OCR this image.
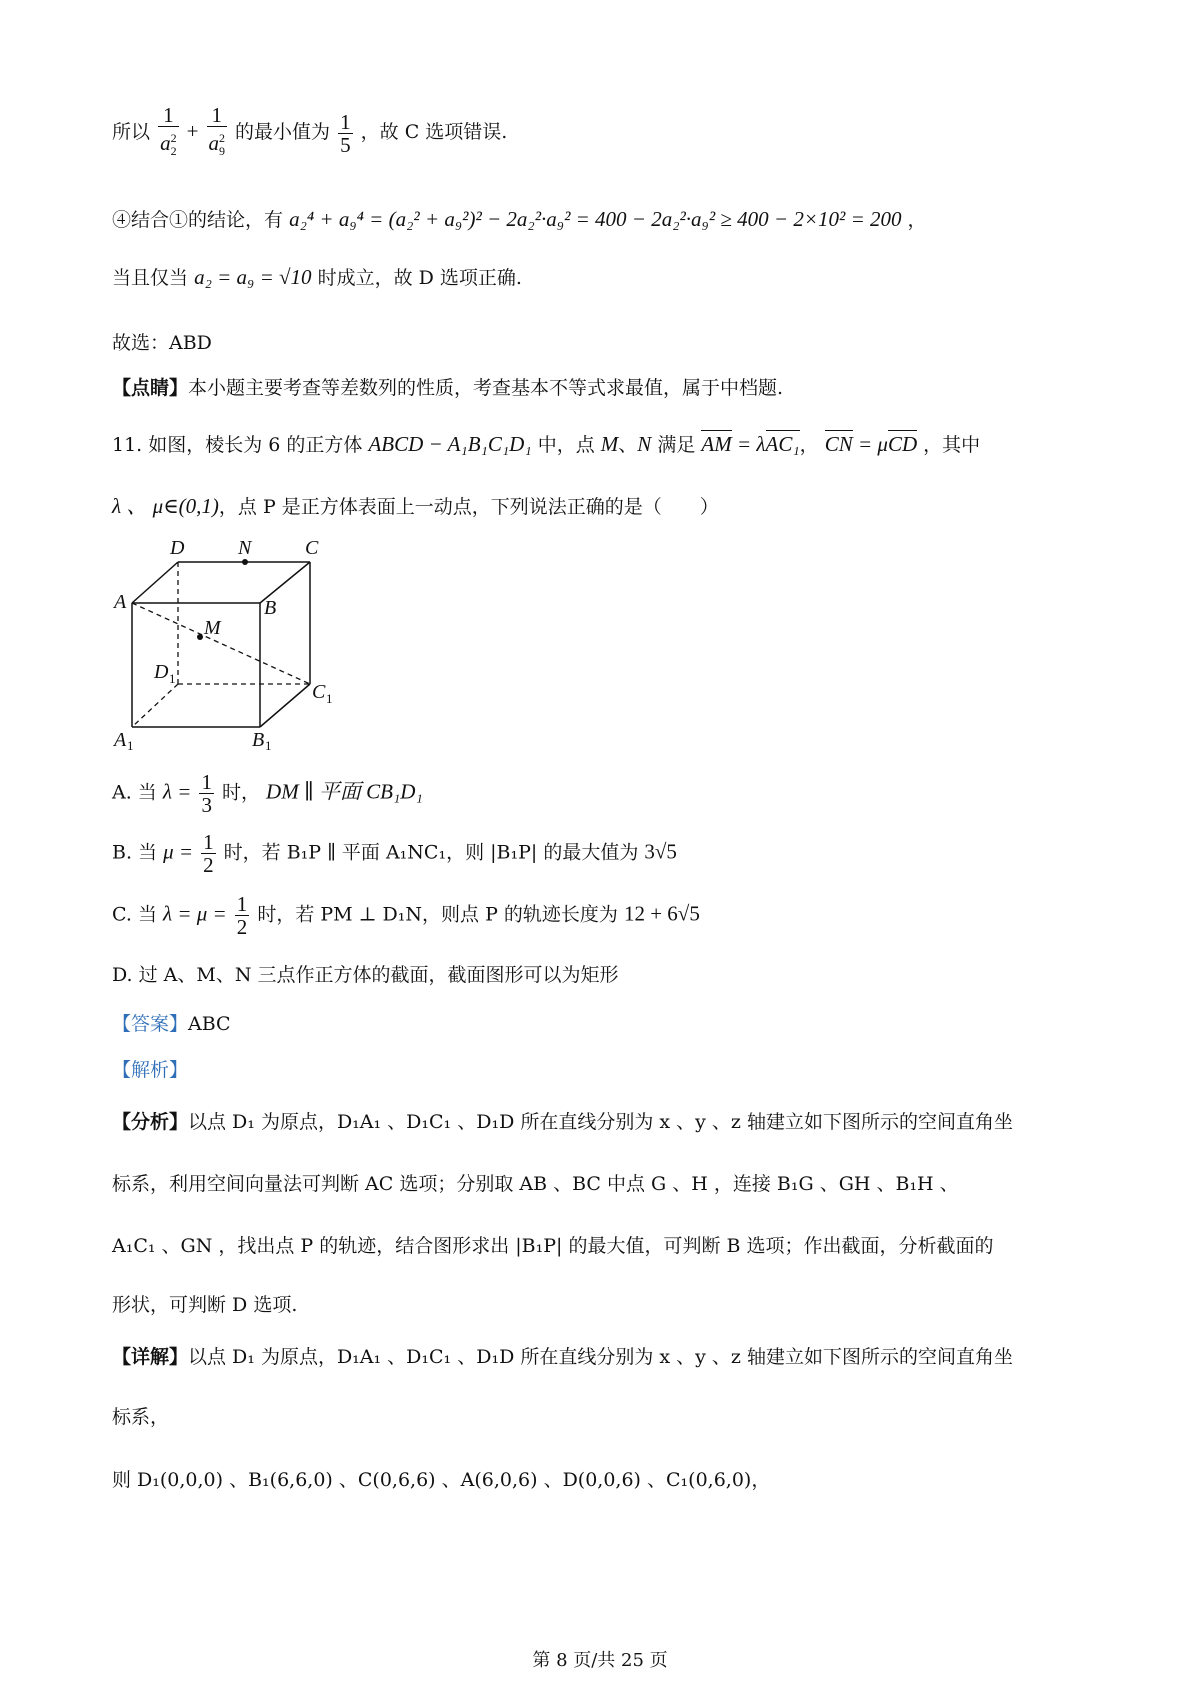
所以 $\frac{1}{a^2_2} + \frac{1}{a^2_9}$ 的最小值为 $\frac{1}{5}$ ，故 C 选项错误.
④结合①的结论，有 a₂⁴ + a₉⁴ = (a₂² + a₉²)² − 2a₂²·a₉² = 400 − 2a₂²·a₉² ≥ 400 − 2×10² = 200 ，
当且仅当 a₂ = a₉ = √10 时成立，故 D 选项正确.
故选：ABD
【点睛】本小题主要考查等差数列的性质，考查基本不等式求最值，属于中档题.
11. 如图，棱长为 6 的正方体 ABCD − A₁B₁C₁D₁ 中，点 M、N 满足 AM = λAC₁， CN = μCD ，其中
λ 、 μ∈(0,1)，点 P 是正方体表面上一动点，下列说法正确的是（　　）
D	N	C
A	B
M
D 1
C 1
A 1	B 1
A. 当 $\lambda = \frac{1}{3}$ 时， DM ∥ 平面 CB₁D₁
B. 当 $\mu = \frac{1}{2}$ 时，若 B₁P ∥ 平面 A₁NC₁，则 |B₁P| 的最大值为 3√5
C. 当 $\lambda = \mu = \frac{1}{2}$ 时，若 PM ⊥ D₁N，则点 P 的轨迹长度为 12 + 6√5
D. 过 A、M、N 三点作正方体的截面，截面图形可以为矩形
【答案】ABC
【解析】
【分析】以点 D₁ 为原点，D₁A₁ 、D₁C₁ 、D₁D 所在直线分别为 x 、y 、z 轴建立如下图所示的空间直角坐
标系，利用空间向量法可判断 AC 选项；分别取 AB 、BC 中点 G 、H ，连接 B₁G 、GH 、B₁H 、
A₁C₁ 、GN ，找出点 P 的轨迹，结合图形求出 |B₁P| 的最大值，可判断 B 选项；作出截面，分析截面的
形状，可判断 D 选项.
【详解】以点 D₁ 为原点，D₁A₁ 、D₁C₁ 、D₁D 所在直线分别为 x 、y 、z 轴建立如下图所示的空间直角坐
标系，
则 D₁(0,0,0) 、B₁(6,6,0) 、C(0,6,6) 、A(6,0,6) 、D(0,0,6) 、C₁(0,6,0)，
第 8 页/共 25 页
